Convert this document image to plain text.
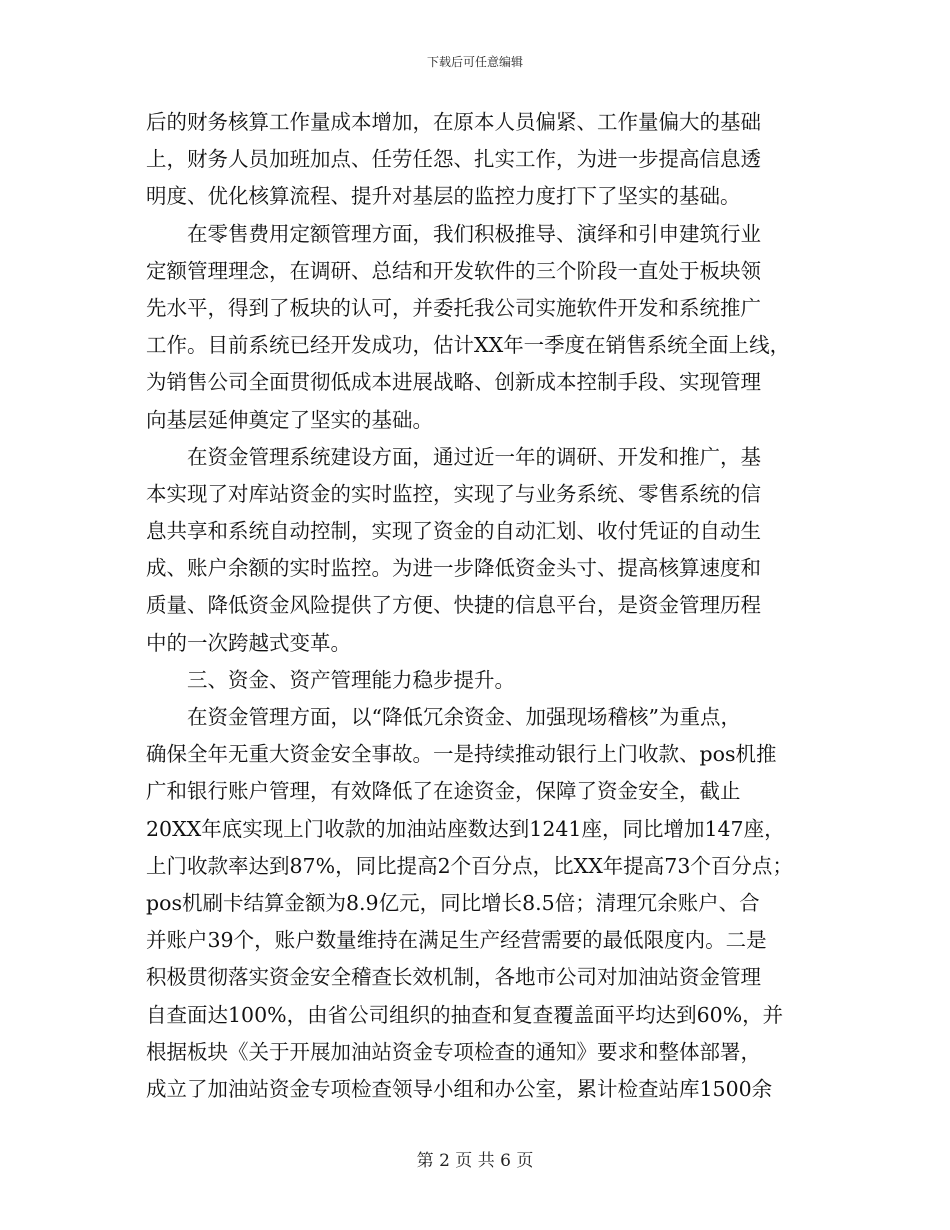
下载后可任意编辑
后的财务核算工作量成本增加，在原本人员偏紧、工作量偏大的基础
上，财务人员加班加点、任劳任怨、扎实工作，为进一步提高信息透
明度、优化核算流程、提升对基层的监控力度打下了坚实的基础。
在零售费用定额管理方面，我们积极推导、演绎和引申建筑行业
定额管理理念，在调研、总结和开发软件的三个阶段一直处于板块领
先水平，得到了板块的认可，并委托我公司实施软件开发和系统推广
工作。目前系统已经开发成功，估计XX年一季度在销售系统全面上线，
为销售公司全面贯彻低成本进展战略、创新成本控制手段、实现管理
向基层延伸奠定了坚实的基础。
在资金管理系统建设方面，通过近一年的调研、开发和推广，基
本实现了对库站资金的实时监控，实现了与业务系统、零售系统的信
息共享和系统自动控制，实现了资金的自动汇划、收付凭证的自动生
成、账户余额的实时监控。为进一步降低资金头寸、提高核算速度和
质量、降低资金风险提供了方便、快捷的信息平台，是资金管理历程
中的一次跨越式变革。
三、资金、资产管理能力稳步提升。
在资金管理方面，以“降低冗余资金、加强现场稽核”为重点，
确保全年无重大资金安全事故。一是持续推动银行上门收款、pos机推
广和银行账户管理，有效降低了在途资金，保障了资金安全，截止
20XX年底实现上门收款的加油站座数达到1241座，同比增加147座，
上门收款率达到87%，同比提高2个百分点，比XX年提高73个百分点；
pos机刷卡结算金额为8.9亿元，同比增长8.5倍；清理冗余账户、合
并账户39个，账户数量维持在满足生产经营需要的最低限度内。二是
积极贯彻落实资金安全稽查长效机制，各地市公司对加油站资金管理
自查面达100%，由省公司组织的抽查和复查覆盖面平均达到60%，并
根据板块《关于开展加油站资金专项检查的通知》要求和整体部署，
成立了加油站资金专项检查领导小组和办公室，累计检查站库1500余
第 2 页 共 6 页
